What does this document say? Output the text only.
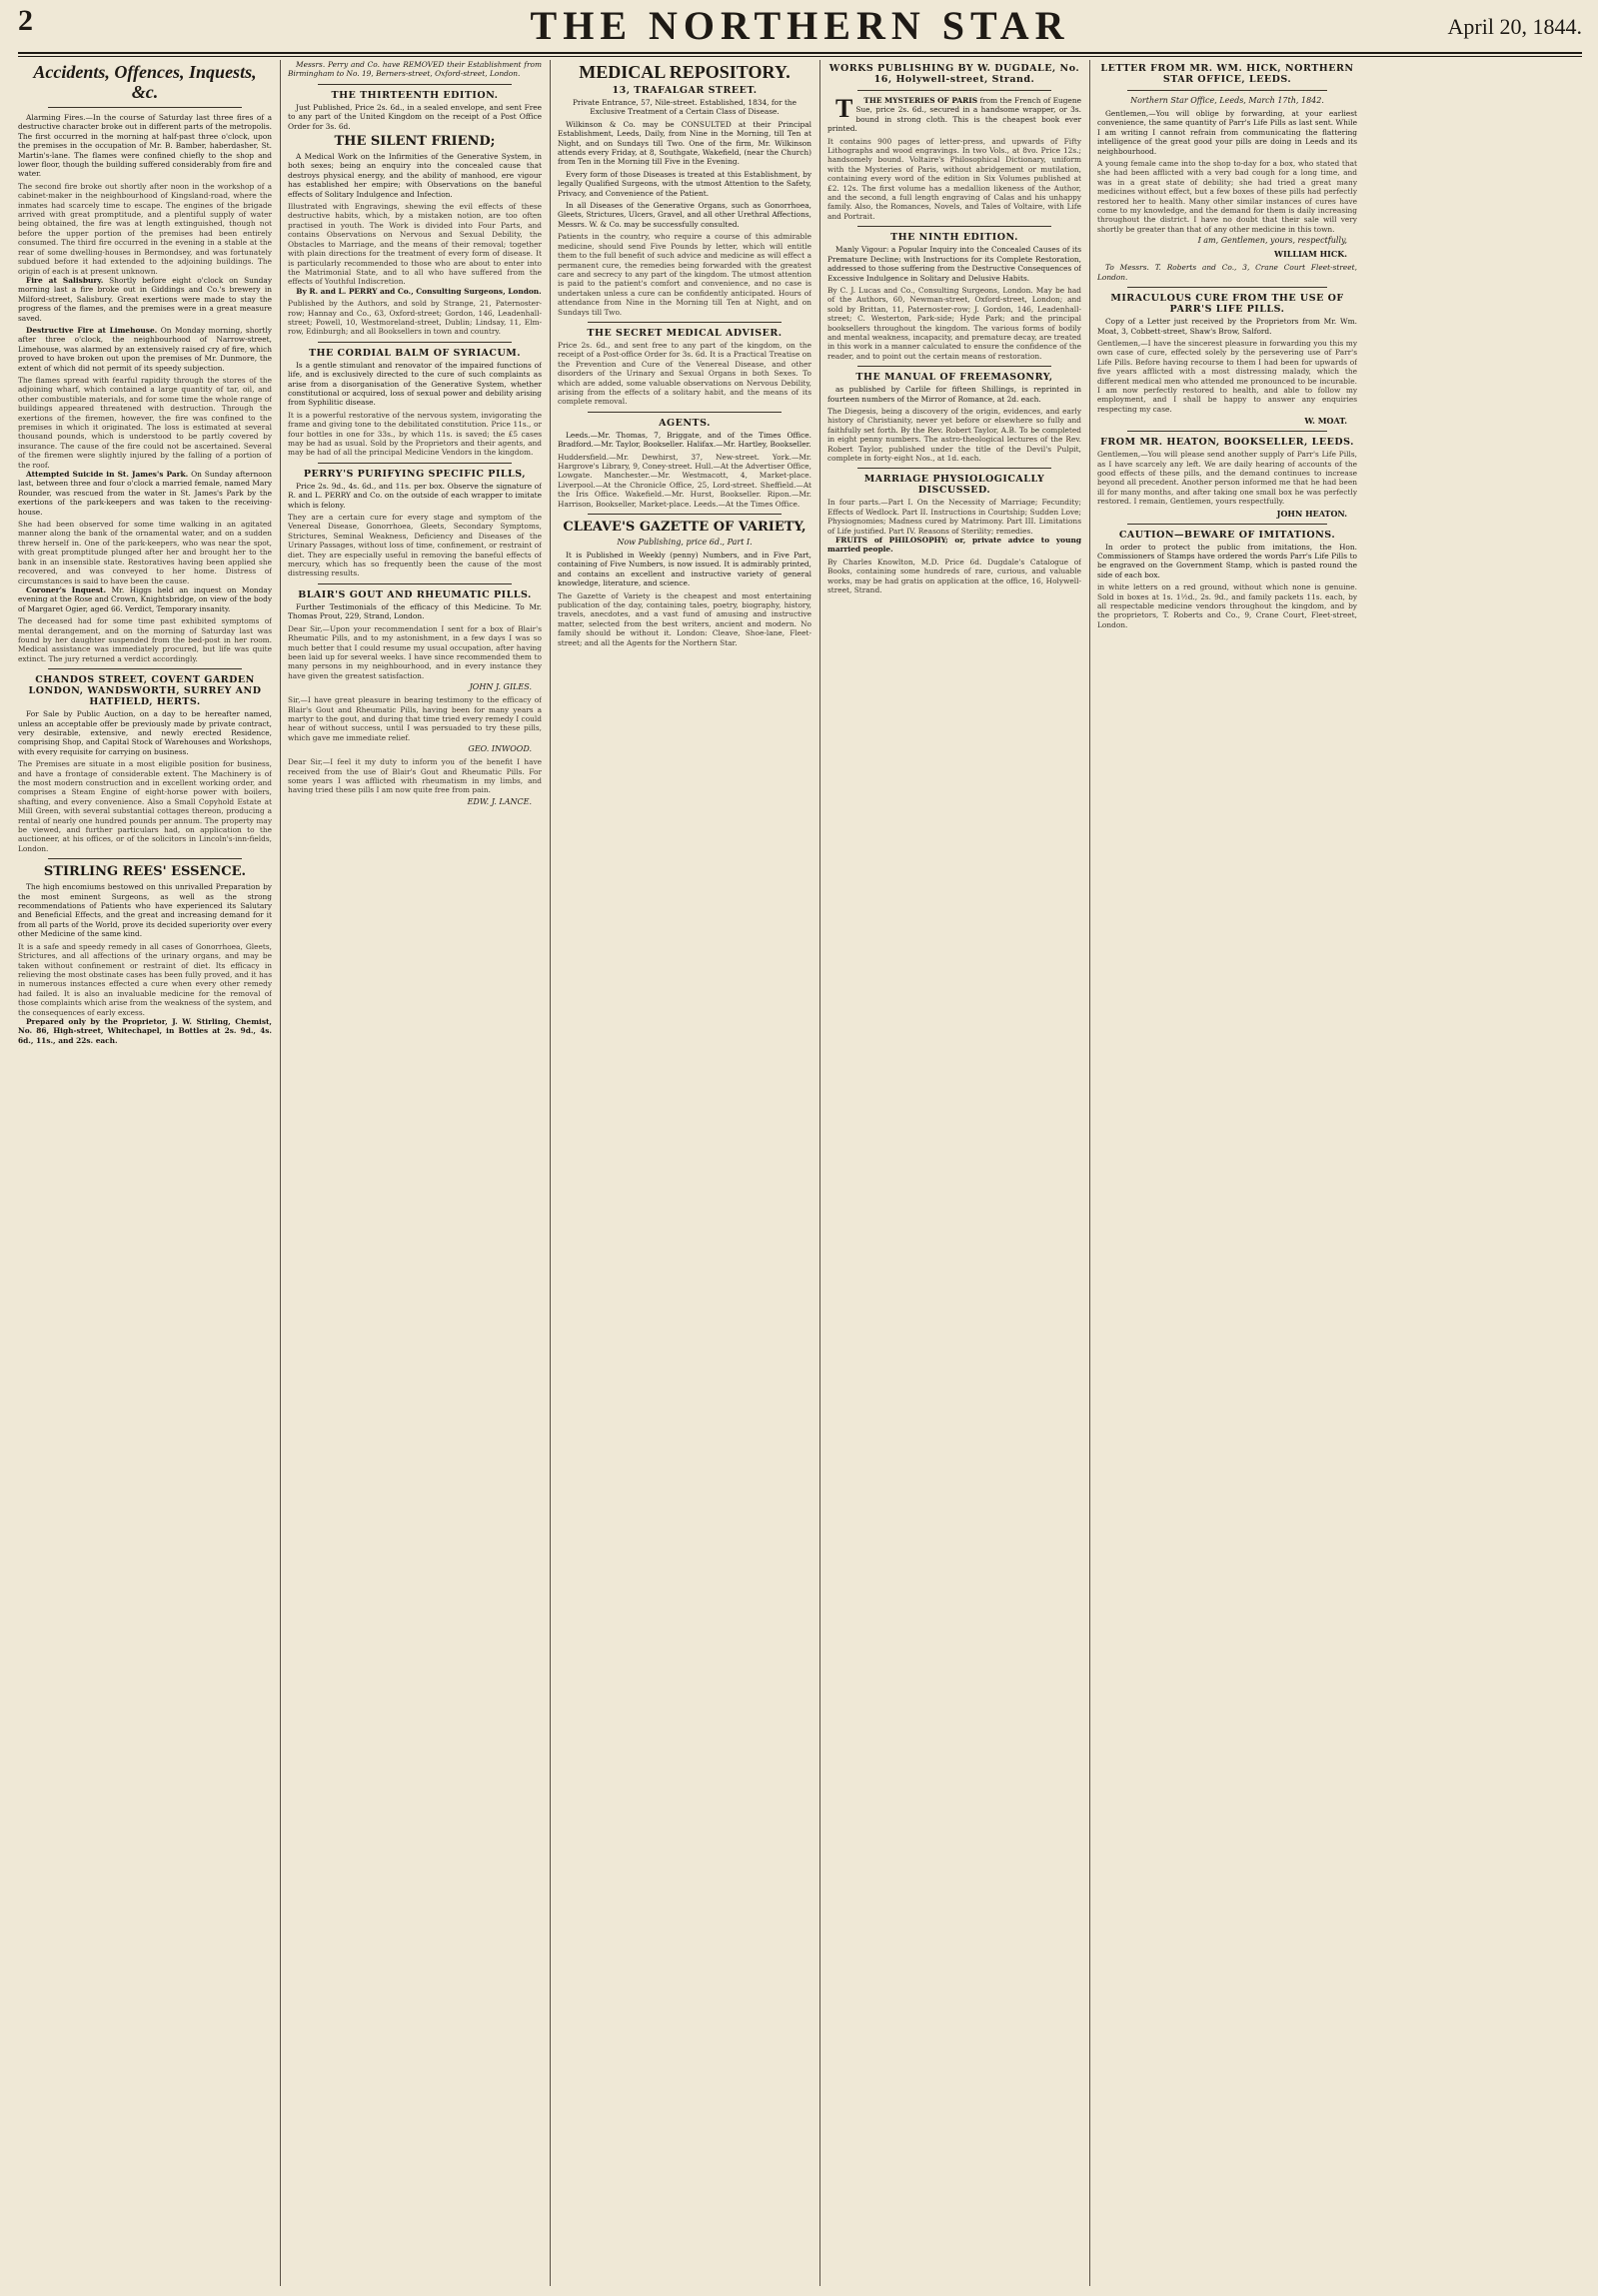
2	THE NORTHERN STAR	April 20, 1844.
Accidents, Offences, Inquests, &c.

Alarming Fires.—In the course of Saturday last three fires of a destructive character broke out in different parts of the metropolis. The first occurred in the morning at half-past three o'clock, upon the premises in the occupation of Mr. B. Bamber, haberdasher, St. Martin's-lane. The flames were confined chiefly to the shop and lower floor, though the building suffered considerably from fire and water.

The second fire broke out shortly after noon in the workshop of a cabinet-maker in the neighbourhood of Kingsland-road, where the inmates had scarcely time to escape. The engines of the brigade arrived with great promptitude, and a plentiful supply of water being obtained, the fire was at length extinguished, though not before the upper portion of the premises had been entirely consumed. The third fire occurred in the evening in a stable at the rear of some dwelling-houses in Bermondsey, and was fortunately subdued before it had extended to the adjoining buildings. The origin of each is at present unknown.

Fire at Salisbury. Shortly before eight o'clock on Sunday morning last a fire broke out in Giddings and Co.'s brewery in Milford-street, Salisbury. Great exertions were made to stay the progress of the flames, and the premises were in a great measure saved.

Destructive Fire at Limehouse. On Monday morning, shortly after three o'clock, the neighbourhood of Narrow-street, Limehouse, was alarmed by an extensively raised cry of fire, which proved to have broken out upon the premises of Mr. Dunmore, the extent of which did not permit of its speedy subjection.

The flames spread with fearful rapidity through the stores of the adjoining wharf, which contained a large quantity of tar, oil, and other combustible materials, and for some time the whole range of buildings appeared threatened with destruction. Through the exertions of the firemen, however, the fire was confined to the premises in which it originated. The loss is estimated at several thousand pounds, which is understood to be partly covered by insurance. The cause of the fire could not be ascertained. Several of the firemen were slightly injured by the falling of a portion of the roof.

Attempted Suicide in St. James's Park. On Sunday afternoon last, between three and four o'clock a married female, named Mary Rounder, was rescued from the water in St. James's Park by the exertions of the park-keepers and was taken to the receiving-house.

She had been observed for some time walking in an agitated manner along the bank of the ornamental water, and on a sudden threw herself in. One of the park-keepers, who was near the spot, with great promptitude plunged after her and brought her to the bank in an insensible state. Restoratives having been applied she recovered, and was conveyed to her home. Distress of circumstances is said to have been the cause.

Coroner's Inquest. Mr. Higgs held an inquest on Monday evening at the Rose and Crown, Knightsbridge, on view of the body of Margaret Ogier, aged 66. Verdict, Temporary insanity.

The deceased had for some time past exhibited symptoms of mental derangement, and on the morning of Saturday last was found by her daughter suspended from the bed-post in her room. Medical assistance was immediately procured, but life was quite extinct. The jury returned a verdict accordingly.
CHANDOS STREET, COVENT GARDEN LONDON, WANDSWORTH, SURREY AND HATFIELD, HERTS.

For Sale by Public Auction, on a day to be hereafter named, unless an acceptable offer be previously made by private contract, very desirable, extensive, and newly erected Residence, comprising Shop, and Capital Stock of Warehouses and Workshops, with every requisite for carrying on business.

The Premises are situate in a most eligible position for business, and have a frontage of considerable extent. The Machinery is of the most modern construction and in excellent working order, and comprises a Steam Engine of eight-horse power with boilers, shafting, and every convenience. Also a Small Copyhold Estate at Mill Green, with several substantial cottages thereon, producing a rental of nearly one hundred pounds per annum. The property may be viewed, and further particulars had, on application to the auctioneer, at his offices, or of the solicitors in Lincoln's-inn-fields, London.
STIRLING REES' ESSENCE.

The high encomiums bestowed on this unrivalled Preparation by the most eminent Surgeons, as well as the strong recommendations of Patients who have experienced its Salutary and Beneficial Effects, and the great and increasing demand for it from all parts of the World, prove its decided superiority over every other Medicine of the same kind.

It is a safe and speedy remedy in all cases of Gonorrhoea, Gleets, Strictures, and all affections of the urinary organs, and may be taken without confinement or restraint of diet. Its efficacy in relieving the most obstinate cases has been fully proved, and it has in numerous instances effected a cure when every other remedy had failed. It is also an invaluable medicine for the removal of those complaints which arise from the weakness of the system, and the consequences of early excess.

Prepared only by the Proprietor, J. W. Stirling, Chemist, No. 86, High-street, Whitechapel, in Bottles at 2s. 9d., 4s. 6d., 11s., and 22s. each.

Messrs. Perry and Co. have REMOVED their Establishment from Birmingham to No. 19, Berners-street, Oxford-street, London.

THE THIRTEENTH EDITION.

Just Published, Price 2s. 6d., in a sealed envelope, and sent Free to any part of the United Kingdom on the receipt of a Post Office Order for 3s. 6d.

THE SILENT FRIEND;

A Medical Work on the Infirmities of the Generative System, in both sexes; being an enquiry into the concealed cause that destroys physical energy, and the ability of manhood, ere vigour has established her empire; with Observations on the baneful effects of Solitary Indulgence and Infection.

Illustrated with Engravings, shewing the evil effects of these destructive habits, which, by a mistaken notion, are too often practised in youth. The Work is divided into Four Parts, and contains Observations on Nervous and Sexual Debility, the Obstacles to Marriage, and the means of their removal; together with plain directions for the treatment of every form of disease. It is particularly recommended to those who are about to enter into the Matrimonial State, and to all who have suffered from the effects of Youthful Indiscretion.

By R. and L. PERRY and Co., Consulting Surgeons, London.

Published by the Authors, and sold by Strange, 21, Paternoster-row; Hannay and Co., 63, Oxford-street; Gordon, 146, Leadenhall-street; Powell, 10, Westmoreland-street, Dublin; Lindsay, 11, Elm-row, Edinburgh; and all Booksellers in town and country.
THE CORDIAL BALM OF SYRIACUM.

Is a gentle stimulant and renovator of the impaired functions of life, and is exclusively directed to the cure of such complaints as arise from a disorganisation of the Generative System, whether constitutional or acquired, loss of sexual power and debility arising from Syphilitic disease.

It is a powerful restorative of the nervous system, invigorating the frame and giving tone to the debilitated constitution. Price 11s., or four bottles in one for 33s., by which 11s. is saved; the £5 cases may be had as usual. Sold by the Proprietors and their agents, and may be had of all the principal Medicine Vendors in the kingdom.
PERRY'S PURIFYING SPECIFIC PILLS,

Price 2s. 9d., 4s. 6d., and 11s. per box. Observe the signature of R. and L. PERRY and Co. on the outside of each wrapper to imitate which is felony.

They are a certain cure for every stage and symptom of the Venereal Disease, Gonorrhoea, Gleets, Secondary Symptoms, Strictures, Seminal Weakness, Deficiency and Diseases of the Urinary Passages, without loss of time, confinement, or restraint of diet. They are especially useful in removing the baneful effects of mercury, which has so frequently been the cause of the most distressing results.
BLAIR'S GOUT AND RHEUMATIC PILLS.

Further Testimonials of the efficacy of this Medicine. To Mr. Thomas Prout, 229, Strand, London.

Dear Sir,—Upon your recommendation I sent for a box of Blair's Rheumatic Pills, and to my astonishment, in a few days I was so much better that I could resume my usual occupation, after having been laid up for several weeks. I have since recommended them to many persons in my neighbourhood, and in every instance they have given the greatest satisfaction.

JOHN J. GILES.

Sir,—I have great pleasure in bearing testimony to the efficacy of Blair's Gout and Rheumatic Pills, having been for many years a martyr to the gout, and during that time tried every remedy I could hear of without success, until I was persuaded to try these pills, which gave me immediate relief.

GEO. INWOOD.

Dear Sir,—I feel it my duty to inform you of the benefit I have received from the use of Blair's Gout and Rheumatic Pills. For some years I was afflicted with rheumatism in my limbs, and having tried these pills I am now quite free from pain.

EDW. J. LANCE.

MEDICAL REPOSITORY.
13, TRAFALGAR STREET.

Private Entrance, 57, Nile-street. Established, 1834, for the Exclusive Treatment of a Certain Class of Disease.

Wilkinson & Co. may be CONSULTED at their Principal Establishment, Leeds, Daily, from Nine in the Morning, till Ten at Night, and on Sundays till Two. One of the firm, Mr. Wilkinson attends every Friday, at 8, Southgate, Wakefield, (near the Church) from Ten in the Morning till Five in the Evening.

Every form of those Diseases is treated at this Establishment, by legally Qualified Surgeons, with the utmost Attention to the Safety, Privacy, and Convenience of the Patient.

In all Diseases of the Generative Organs, such as Gonorrhoea, Gleets, Strictures, Ulcers, Gravel, and all other Urethral Affections, Messrs. W. & Co. may be successfully consulted.

Patients in the country, who require a course of this admirable medicine, should send Five Pounds by letter, which will entitle them to the full benefit of such advice and medicine as will effect a permanent cure, the remedies being forwarded with the greatest care and secrecy to any part of the kingdom. The utmost attention is paid to the patient's comfort and convenience, and no case is undertaken unless a cure can be confidently anticipated. Hours of attendance from Nine in the Morning till Ten at Night, and on Sundays till Two.
THE SECRET MEDICAL ADVISER.
Price 2s. 6d., and sent free to any part of the kingdom, on the receipt of a Post-office Order for 3s. 6d. It is a Practical Treatise on the Prevention and Cure of the Venereal Disease, and other disorders of the Urinary and Sexual Organs in both Sexes. To which are added, some valuable observations on Nervous Debility, arising from the effects of a solitary habit, and the means of its complete removal.
AGENTS.

Leeds.—Mr. Thomas, 7, Briggate, and of the Times Office. Bradford.—Mr. Taylor, Bookseller. Halifax.—Mr. Hartley, Bookseller.

Huddersfield.—Mr. Dewhirst, 37, New-street. York.—Mr. Hargrove's Library, 9, Coney-street. Hull.—At the Advertiser Office, Lowgate. Manchester.—Mr. Westmacott, 4, Market-place. Liverpool.—At the Chronicle Office, 25, Lord-street. Sheffield.—At the Iris Office. Wakefield.—Mr. Hurst, Bookseller. Ripon.—Mr. Harrison, Bookseller, Market-place. Leeds.—At the Times Office.
CLEAVE'S GAZETTE OF VARIETY,
Now Publishing, price 6d., Part I.

It is Published in Weekly (penny) Numbers, and in Five Part, containing of Five Numbers, is now issued. It is admirably printed, and contains an excellent and instructive variety of general knowledge, literature, and science.

The Gazette of Variety is the cheapest and most entertaining publication of the day, containing tales, poetry, biography, history, travels, anecdotes, and a vast fund of amusing and instructive matter, selected from the best writers, ancient and modern. No family should be without it. London: Cleave, Shoe-lane, Fleet-street; and all the Agents for the Northern Star.
WORKS PUBLISHING BY W. DUGDALE, No. 16, Holywell-street, Strand.

T THE MYSTERIES OF PARIS from the French of Eugene Sue, price 2s. 6d., secured in a handsome wrapper, or 3s. bound in strong cloth. This is the cheapest book ever printed.

It contains 900 pages of letter-press, and upwards of Fifty Lithographs and wood engravings. In two Vols., at 8vo. Price 12s.; handsomely bound. Voltaire's Philosophical Dictionary, uniform with the Mysteries of Paris, without abridgement or mutilation, containing every word of the edition in Six Volumes published at £2. 12s. The first volume has a medallion likeness of the Author, and the second, a full length engraving of Calas and his unhappy family. Also, the Romances, Novels, and Tales of Voltaire, with Life and Portrait.
THE NINTH EDITION.

Manly Vigour: a Popular Inquiry into the Concealed Causes of its Premature Decline; with Instructions for its Complete Restoration, addressed to those suffering from the Destructive Consequences of Excessive Indulgence in Solitary and Delusive Habits.

By C. J. Lucas and Co., Consulting Surgeons, London. May be had of the Authors, 60, Newman-street, Oxford-street, London; and sold by Brittan, 11, Paternoster-row; J. Gordon, 146, Leadenhall-street; C. Westerton, Park-side; Hyde Park; and the principal booksellers throughout the kingdom. The various forms of bodily and mental weakness, incapacity, and premature decay, are treated in this work in a manner calculated to ensure the confidence of the reader, and to point out the certain means of restoration.
THE MANUAL OF FREEMASONRY,

as published by Carlile for fifteen Shillings, is reprinted in fourteen numbers of the Mirror of Romance, at 2d. each.

The Diegesis, being a discovery of the origin, evidences, and early history of Christianity, never yet before or elsewhere so fully and faithfully set forth. By the Rev. Robert Taylor, A.B. To be completed in eight penny numbers. The astro-theological lectures of the Rev. Robert Taylor, published under the title of the Devil's Pulpit, complete in forty-eight Nos., at 1d. each.
MARRIAGE PHYSIOLOGICALLY DISCUSSED.
In four parts.—Part I. On the Necessity of Marriage; Fecundity; Effects of Wedlock. Part II. Instructions in Courtship; Sudden Love; Physiognomies; Madness cured by Matrimony. Part III. Limitations of Life justified. Part IV. Reasons of Sterility; remedies.

FRUITS of PHILOSOPHY; or, private advice to young married people.

By Charles Knowlton, M.D. Price 6d. Dugdale's Catalogue of Books, containing some hundreds of rare, curious, and valuable works, may be had gratis on application at the office, 16, Holywell-street, Strand.
LETTER FROM MR. WM. HICK, NORTHERN STAR OFFICE, LEEDS.

Northern Star Office, Leeds, March 17th, 1842.

Gentlemen,—You will oblige by forwarding, at your earliest convenience, the same quantity of Parr's Life Pills as last sent. While I am writing I cannot refrain from communicating the flattering intelligence of the great good your pills are doing in Leeds and its neighbourhood.

A young female came into the shop to-day for a box, who stated that she had been afflicted with a very bad cough for a long time, and was in a great state of debility; she had tried a great many medicines without effect, but a few boxes of these pills had perfectly restored her to health. Many other similar instances of cures have come to my knowledge, and the demand for them is daily increasing throughout the district. I have no doubt that their sale will very shortly be greater than that of any other medicine in this town.

I am, Gentlemen, yours, respectfully,

WILLIAM HICK.

To Messrs. T. Roberts and Co., 3, Crane Court Fleet-street, London.

MIRACULOUS CURE FROM THE USE OF PARR'S LIFE PILLS.

Copy of a Letter just received by the Proprietors from Mr. Wm. Moat, 3, Cobbett-street, Shaw's Brow, Salford.

Gentlemen,—I have the sincerest pleasure in forwarding you this my own case of cure, effected solely by the persevering use of Parr's Life Pills. Before having recourse to them I had been for upwards of five years afflicted with a most distressing malady, which the different medical men who attended me pronounced to be incurable. I am now perfectly restored to health, and able to follow my employment, and I shall be happy to answer any enquiries respecting my case.

W. MOAT.

FROM MR. HEATON, BOOKSELLER, LEEDS.
Gentlemen,—You will please send another supply of Parr's Life Pills, as I have scarcely any left. We are daily hearing of accounts of the good effects of these pills, and the demand continues to increase beyond all precedent. Another person informed me that he had been ill for many months, and after taking one small box he was perfectly restored. I remain, Gentlemen, yours respectfully.

JOHN HEATON.

CAUTION—BEWARE OF IMITATIONS.

In order to protect the public from imitations, the Hon. Commissioners of Stamps have ordered the words Parr's Life Pills to be engraved on the Government Stamp, which is pasted round the side of each box.

in white letters on a red ground, without which none is genuine. Sold in boxes at 1s. 1½d., 2s. 9d., and family packets 11s. each, by all respectable medicine vendors throughout the kingdom, and by the proprietors, T. Roberts and Co., 9, Crane Court, Fleet-street, London.
